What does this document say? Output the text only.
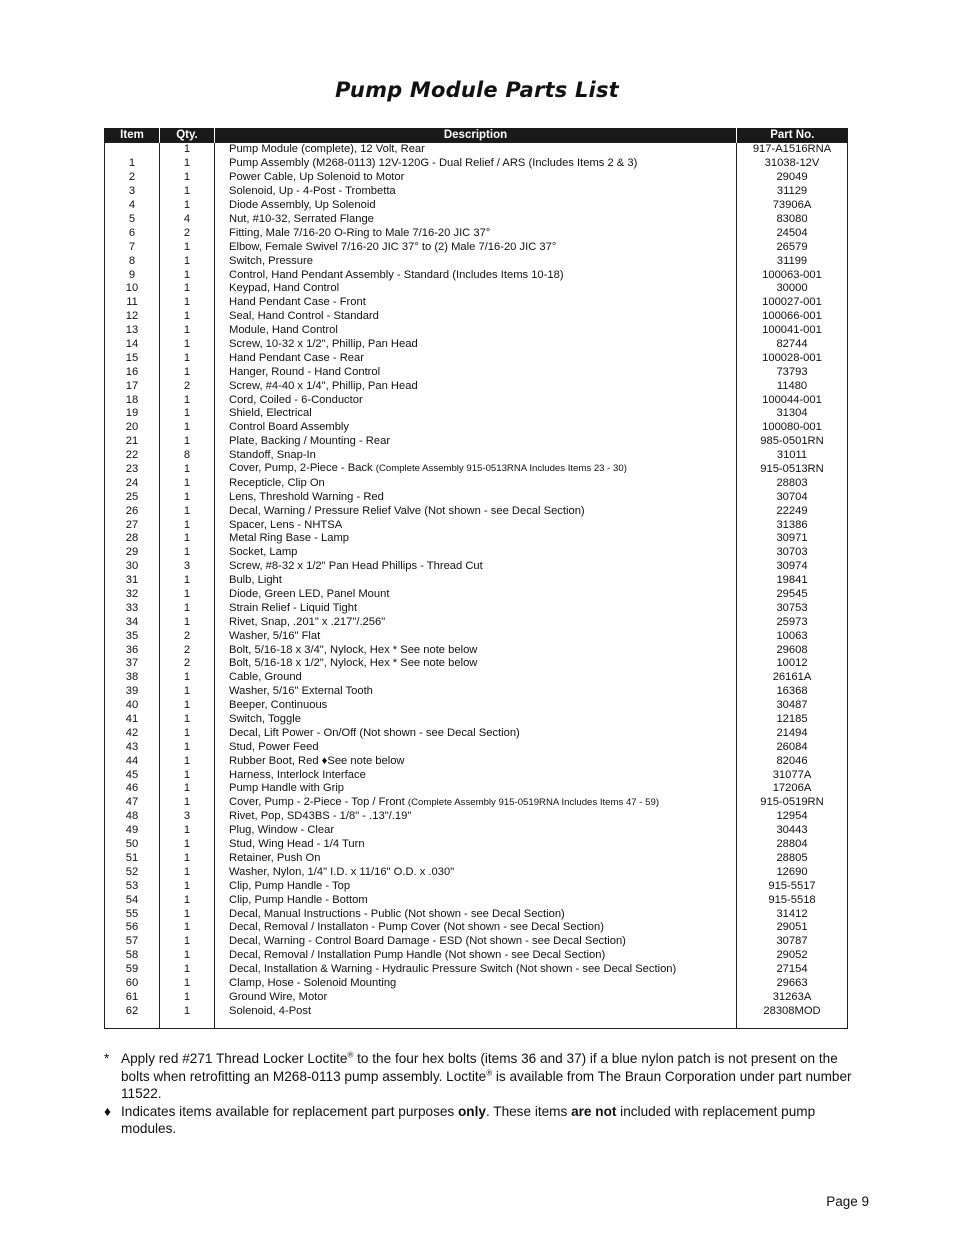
Pump Module Parts List
Item	Qty.	Description	Part No.
	1	Pump Module (complete), 12 Volt, Rear	917-A1516RNA
1	1	Pump Assembly (M268-0113) 12V-120G - Dual Relief / ARS (Includes Items 2 & 3)	31038-12V
2	1	Power Cable, Up Solenoid to Motor	29049
3	1	Solenoid, Up - 4-Post - Trombetta	31129
4	1	Diode Assembly, Up Solenoid	73906A
5	4	Nut, #10-32, Serrated Flange	83080
6	2	Fitting, Male 7/16-20 O-Ring to Male 7/16-20 JIC 37°	24504
7	1	Elbow, Female Swivel 7/16-20 JIC 37° to (2) Male 7/16-20 JIC 37°	26579
8	1	Switch, Pressure	31199
9	1	Control, Hand Pendant Assembly - Standard (Includes Items 10-18)	100063-001
10	1	Keypad, Hand Control	30000
11	1	Hand Pendant Case - Front	100027-001
12	1	Seal, Hand Control - Standard	100066-001
13	1	Module, Hand Control	100041-001
14	1	Screw, 10-32 x 1/2", Phillip, Pan Head	82744
15	1	Hand Pendant Case - Rear	100028-001
16	1	Hanger, Round - Hand Control	73793
17	2	Screw, #4-40 x 1/4", Phillip, Pan Head	11480
18	1	Cord, Coiled - 6-Conductor	100044-001
19	1	Shield, Electrical	31304
20	1	Control Board Assembly	100080-001
21	1	Plate, Backing / Mounting - Rear	985-0501RN
22	8	Standoff, Snap-In	31011
23	1	Cover, Pump, 2-Piece - Back (Complete Assembly 915-0513RNA Includes Items 23 - 30)	915-0513RN
24	1	Recepticle, Clip On	28803
25	1	Lens, Threshold Warning - Red	30704
26	1	Decal, Warning / Pressure Relief Valve (Not shown - see Decal Section)	22249
27	1	Spacer, Lens - NHTSA	31386
28	1	Metal Ring Base - Lamp	30971
29	1	Socket, Lamp	30703
30	3	Screw, #8-32 x 1/2" Pan Head Phillips - Thread Cut	30974
31	1	Bulb, Light	19841
32	1	Diode, Green LED, Panel Mount	29545
33	1	Strain Relief - Liquid Tight	30753
34	1	Rivet, Snap, .201" x .217"/.256"	25973
35	2	Washer, 5/16" Flat	10063
36	2	Bolt, 5/16-18 x 3/4", Nylock, Hex * See note below	29608
37	2	Bolt, 5/16-18 x 1/2", Nylock, Hex * See note below	10012
38	1	Cable, Ground	26161A
39	1	Washer, 5/16" External Tooth	16368
40	1	Beeper, Continuous	30487
41	1	Switch, Toggle	12185
42	1	Decal, Lift Power - On/Off (Not shown - see Decal Section)	21494
43	1	Stud, Power Feed	26084
44	1	Rubber Boot, Red ♦See note below	82046
45	1	Harness, Interlock Interface	31077A
46	1	Pump Handle with Grip	17206A
47	1	Cover, Pump - 2-Piece - Top / Front (Complete Assembly 915-0519RNA Includes Items 47 - 59)	915-0519RN
48	3	Rivet, Pop, SD43BS - 1/8" - .13"/.19"	12954
49	1	Plug, Window - Clear	30443
50	1	Stud, Wing Head - 1/4 Turn	28804
51	1	Retainer, Push On	28805
52	1	Washer, Nylon, 1/4" I.D. x 11/16" O.D. x .030"	12690
53	1	Clip, Pump Handle - Top	915-5517
54	1	Clip, Pump Handle - Bottom	915-5518
55	1	Decal, Manual Instructions - Public (Not shown - see Decal Section)	31412
56	1	Decal, Removal / Installaton - Pump Cover (Not shown - see Decal Section)	29051
57	1	Decal, Warning - Control Board Damage - ESD (Not shown - see Decal Section)	30787
58	1	Decal, Removal / Installation Pump Handle (Not shown - see Decal Section)	29052
59	1	Decal, Installation & Warning - Hydraulic Pressure Switch (Not shown - see Decal Section)	27154
60	1	Clamp, Hose - Solenoid Mounting	29663
61	1	Ground Wire, Motor	31263A
62	1	Solenoid, 4-Post	28308MOD

* Apply red #271 Thread Locker Loctite® to the four hex bolts (items 36 and 37) if a blue nylon patch is not present on the bolts when retrofitting an M268-0113 pump assembly. Loctite® is available from The Braun Corporation under part number 11522.
♦ Indicates items available for replacement part purposes only. These items are not included with replacement pump modules.
Page 9
